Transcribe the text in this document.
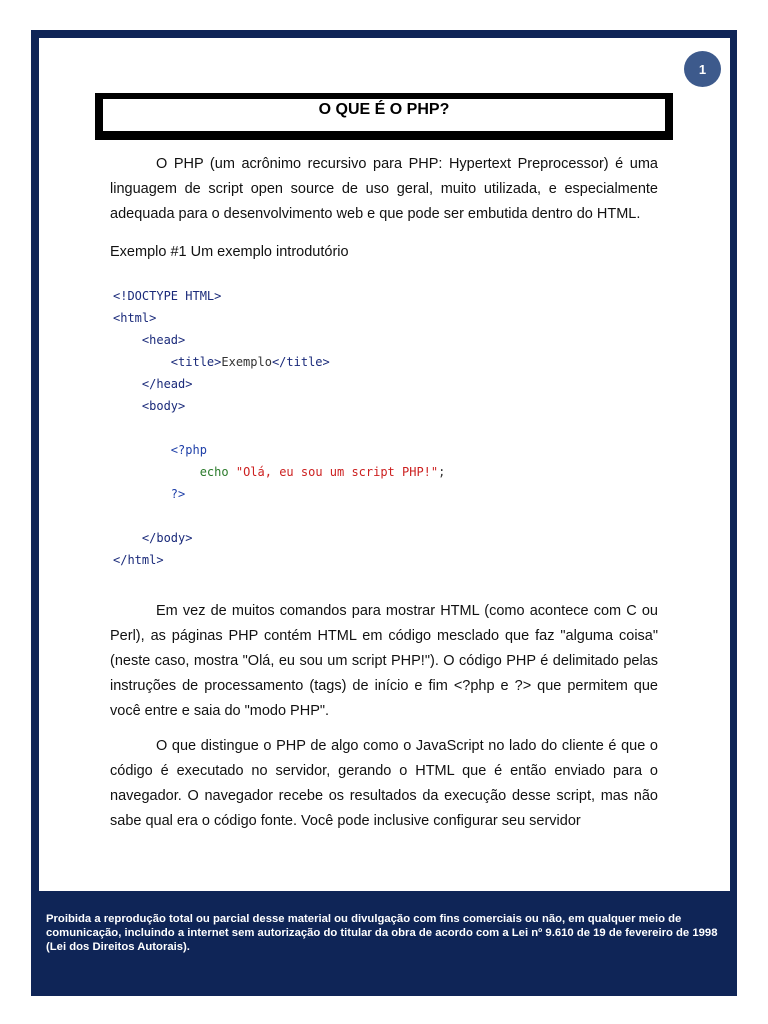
1
O QUE É O PHP?

O PHP (um acrônimo recursivo para PHP: Hypertext Preprocessor) é uma linguagem de script open source de uso geral, muito utilizada, e especialmente adequada para o desenvolvimento web e que pode ser embutida dentro do HTML.

Exemplo #1 Um exemplo introdutório

<!DOCTYPE HTML>
<html>
<head>
<title>Exemplo</title>
</head>
<body>
<?php
echo "Olá, eu sou um script PHP!";
?>
</body>
</html>

Em vez de muitos comandos para mostrar HTML (como acontece com C ou Perl), as páginas PHP contém HTML em código mesclado que faz "alguma coisa" (neste caso, mostra "Olá, eu sou um script PHP!"). O código PHP é delimitado pelas instruções de processamento (tags) de início e fim <?php e ?> que permitem que você entre e saia do "modo PHP".

O que distingue o PHP de algo como o JavaScript no lado do cliente é que o código é executado no servidor, gerando o HTML que é então enviado para o navegador. O navegador recebe os resultados da execução desse script, mas não sabe qual era o código fonte. Você pode inclusive configurar seu servidor

Proibida a reprodução total ou parcial desse material ou divulgação com fins comerciais ou não, em qualquer meio de comunicação, incluindo a internet sem autorização do titular da obra de acordo com a Lei nº 9.610 de 19 de fevereiro de 1998 (Lei dos Direitos Autorais).
